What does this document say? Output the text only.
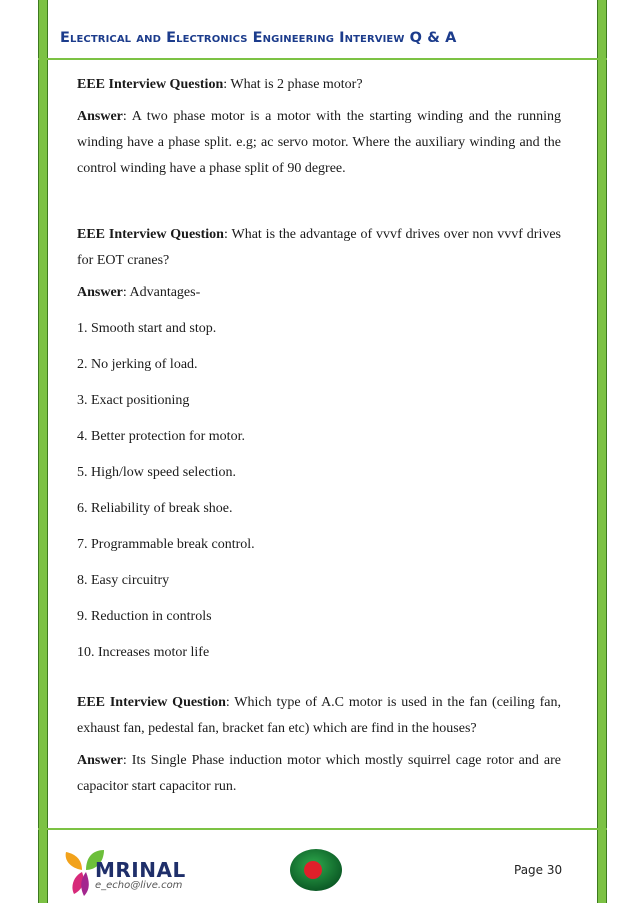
Electrical and Electronics Engineering Interview Q & A

EEE Interview Question: What is 2 phase motor?

Answer: A two phase motor is a motor with the starting winding and the running winding have a phase split. e.g; ac servo motor. Where the auxiliary winding and the control winding have a phase split of 90 degree.

EEE Interview Question: What is the advantage of vvvf drives over non vvvf drives for EOT cranes?

Answer: Advantages-

1. Smooth start and stop.

2. No jerking of load.

3. Exact positioning

4. Better protection for motor.

5. High/low speed selection.

6. Reliability of break shoe.

7. Programmable break control.

8. Easy circuitry

9. Reduction in controls

10. Increases motor life

EEE Interview Question: Which type of A.C motor is used in the fan (ceiling fan, exhaust fan, pedestal fan, bracket fan etc) which are find in the houses?

Answer: Its Single Phase induction motor which mostly squirrel cage rotor and are capacitor start capacitor run.

MRINAL
e_echo@live.com
Page 30
